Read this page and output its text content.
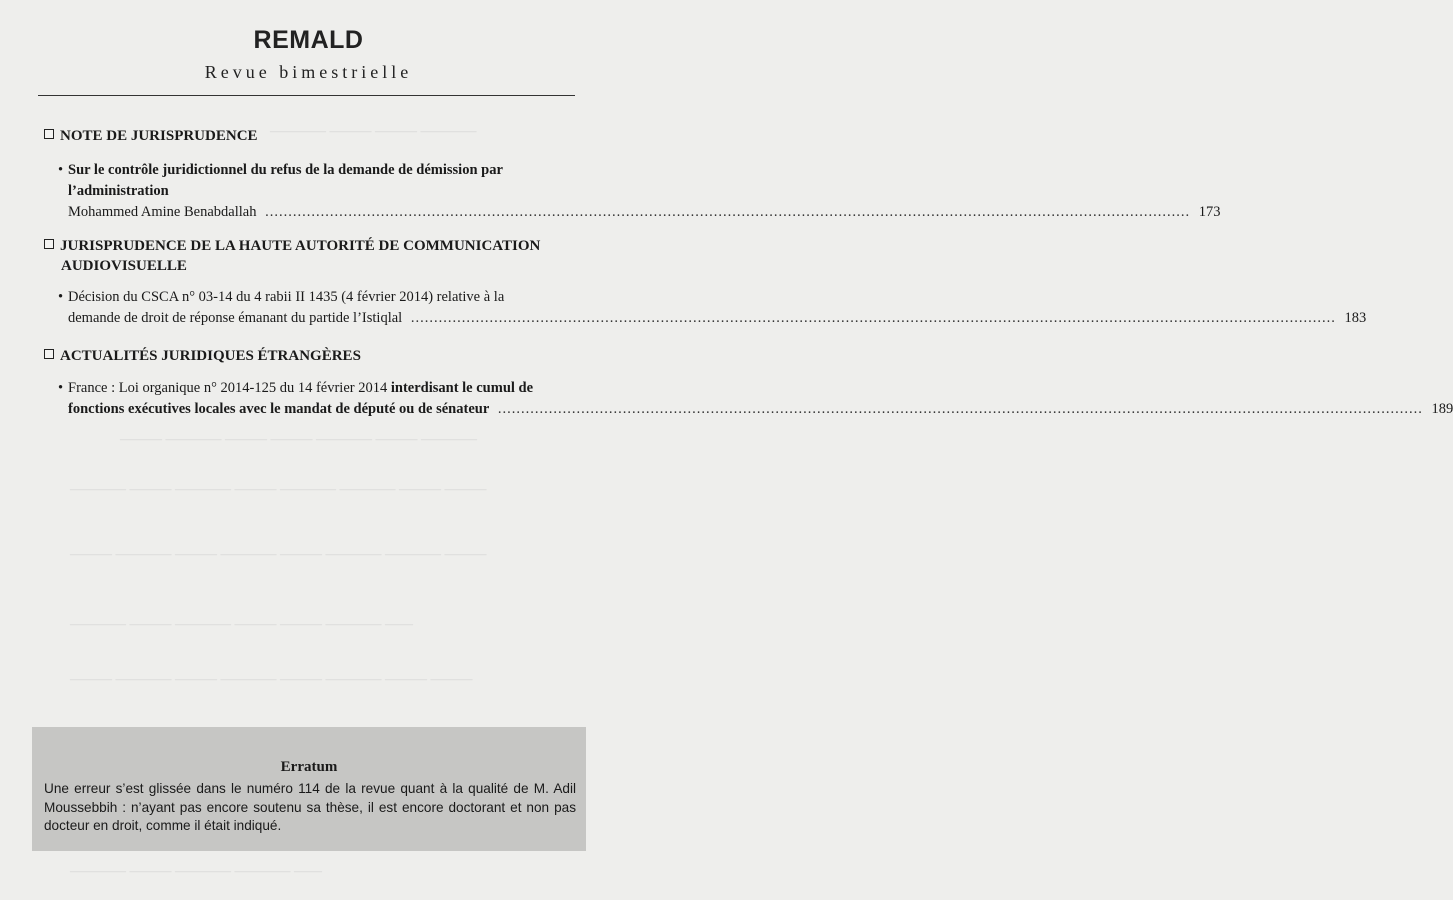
———— ——— ——— ————
——— ———— ——— ——— ———— ——— ————
———— ——— ———— ——— ———— ———— ——— ———
——— ———— ——— ———— ——— ———— ———— ———
———— ——— ———— ——— ——— ———— ——
——— ———— ——— ———— ——— ———— ——— ———
———— ——— ———— ———— ——
REMALD
Revue bimestrielle
NOTE DE JURISPRUDENCE
• Sur le contrôle juridictionnel du refus de la demande de démission par l’administration
Mohammed Amine Benabdallah .....	173
JURISPRUDENCE DE LA HAUTE AUTORITÉ DE COMMUNICATION
AUDIOVISUELLE
• Décision du CSCA n° 03-14 du 4 rabii II 1435 (4 février 2014) relative à la
demande de droit de réponse émanant du partide l’Istiqlal .....	183
ACTUALITÉS JURIDIQUES ÉTRANGÈRES
• France : Loi organique n° 2014-125 du 14 février 2014 interdisant le cumul de
fonctions exécutives locales avec le mandat de député ou de sénateur .....	189
Erratum
Une erreur s’est glissée dans le numéro 114 de la revue quant à la qualité de M. Adil Moussebbih : n’ayant pas encore soutenu sa thèse, il est encore doctorant et non pas docteur en droit, comme il était indiqué.
